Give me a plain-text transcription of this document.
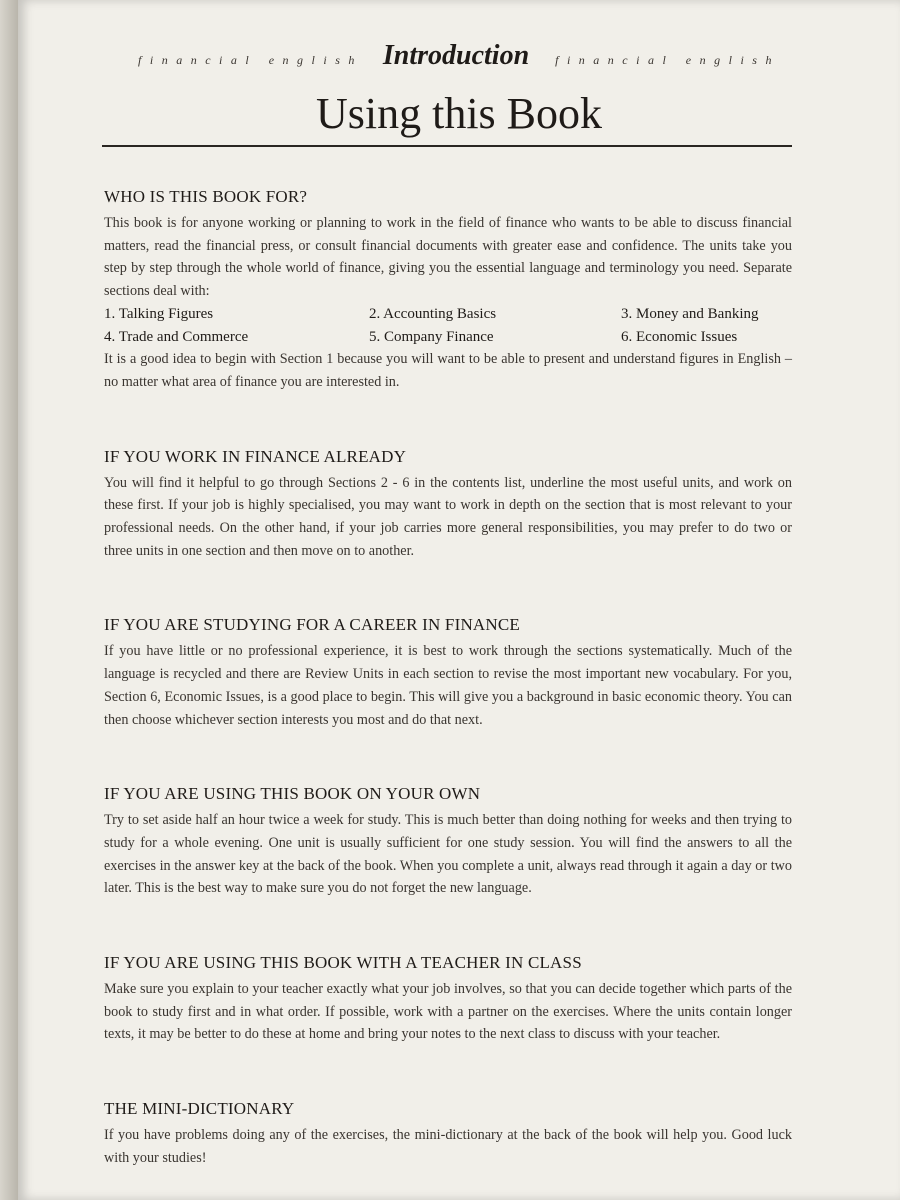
financial english Introduction financial english
Using this Book
WHO IS THIS BOOK FOR?

This book is for anyone working or planning to work in the field of finance who wants to be able to discuss financial matters, read the financial press, or consult financial documents with greater ease and confidence. The units take you step by step through the whole world of finance, giving you the essential language and terminology you need. Separate sections deal with:

1. Talking Figures	2. Accounting Basics	3. Money and Banking
4. Trade and Commerce	5. Company Finance	6. Economic Issues

It is a good idea to begin with Section 1 because you will want to be able to present and understand figures in English – no matter what area of finance you are interested in.

IF YOU WORK IN FINANCE ALREADY

You will find it helpful to go through Sections 2 - 6 in the contents list, underline the most useful units, and work on these first. If your job is highly specialised, you may want to work in depth on the section that is most relevant to your professional needs. On the other hand, if your job carries more general responsibilities, you may prefer to do two or three units in one section and then move on to another.

IF YOU ARE STUDYING FOR A CAREER IN FINANCE

If you have little or no professional experience, it is best to work through the sections systematically. Much of the language is recycled and there are Review Units in each section to revise the most important new vocabulary. For you, Section 6, Economic Issues, is a good place to begin. This will give you a background in basic economic theory. You can then choose whichever section interests you most and do that next.

IF YOU ARE USING THIS BOOK ON YOUR OWN

Try to set aside half an hour twice a week for study. This is much better than doing nothing for weeks and then trying to study for a whole evening. One unit is usually sufficient for one study session. You will find the answers to all the exercises in the answer key at the back of the book. When you complete a unit, always read through it again a day or two later. This is the best way to make sure you do not forget the new language.

IF YOU ARE USING THIS BOOK WITH A TEACHER IN CLASS

Make sure you explain to your teacher exactly what your job involves, so that you can decide together which parts of the book to study first and in what order. If possible, work with a partner on the exercises. Where the units contain longer texts, it may be better to do these at home and bring your notes to the next class to discuss with your teacher.

THE MINI-DICTIONARY

If you have problems doing any of the exercises, the mini-dictionary at the back of the book will help you. Good luck with your studies!
